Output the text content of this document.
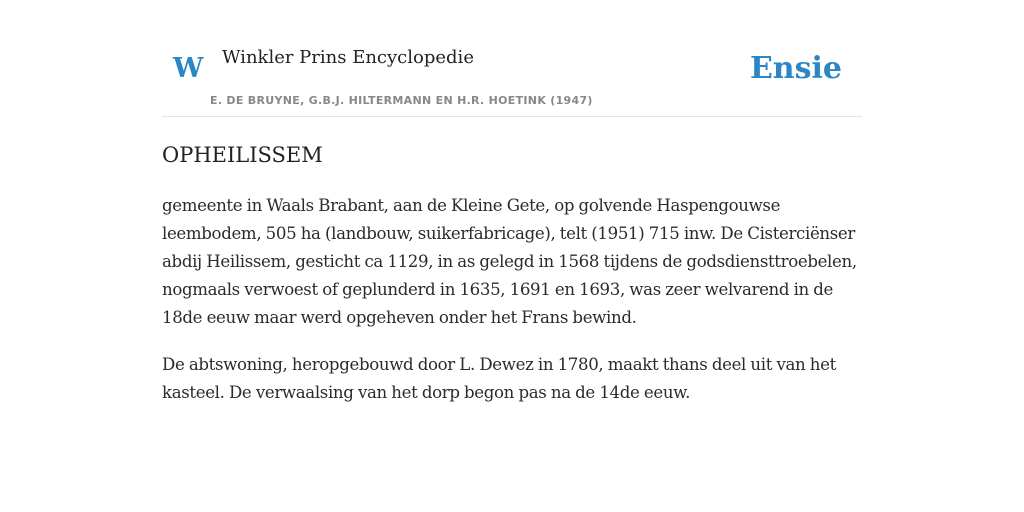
W Winkler Prins Encyclopedie
E. DE BRUYNE, G.B.J. HILTERMANN EN H.R. HOETINK (1947)
Ensie
OPHEILISSEM

gemeente in Waals Brabant, aan de Kleine Gete, op golvende Haspengouwse leembodem, 505 ha (landbouw, suikerfabricage), telt (1951) 715 inw. De Cisterciënser abdij Heilissem, gesticht ca 1129, in as gelegd in 1568 tijdens de godsdiensttroebelen, nogmaals verwoest of geplunderd in 1635, 1691 en 1693, was zeer welvarend in de 18de eeuw maar werd opgeheven onder het Frans bewind.

De abtswoning, heropgebouwd door L. Dewez in 1780, maakt thans deel uit van het kasteel. De verwaalsing van het dorp begon pas na de 14de eeuw.
